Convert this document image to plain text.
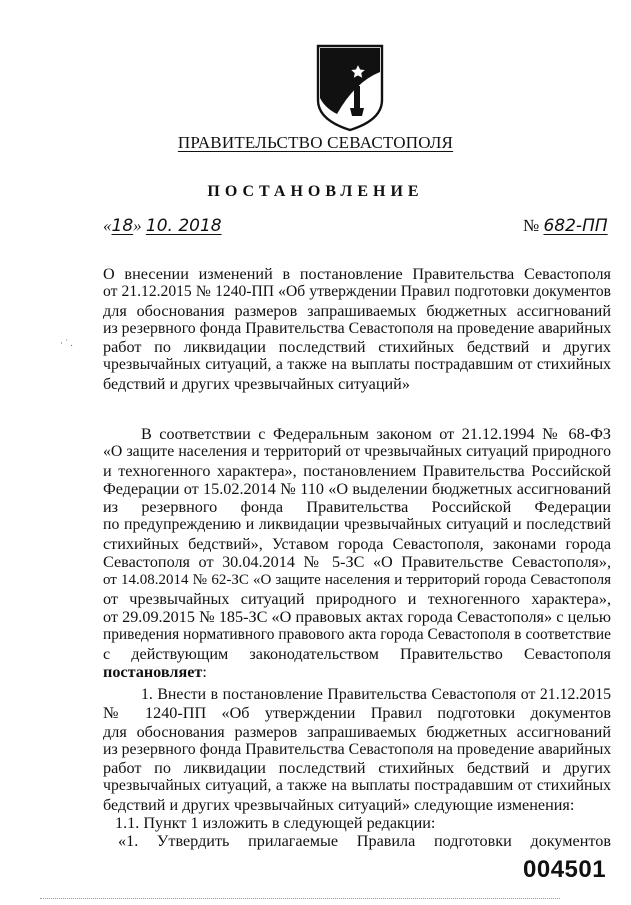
ПРАВИТЕЛЬСТВО СЕВАСТОПОЛЯ
ПОСТАНОВЛЕНИЕ
«18» 10. 2018	№ 682-ПП
О внесении изменений в постановление Правительства Севастополя
от 21.12.2015 № 1240-ПП «Об утверждении Правил подготовки документов
для обоснования размеров запрашиваемых бюджетных ассигнований
из резервного фонда Правительства Севастополя на проведение аварийных
работ по ликвидации последствий стихийных бедствий и других
чрезвычайных ситуаций, а также на выплаты пострадавшим от стихийных
бедствий и других чрезвычайных ситуаций»
· ˙ .
В соответствии с Федеральным законом от 21.12.1994 № 68-ФЗ
«О защите населения и территорий от чрезвычайных ситуаций природного
и техногенного характера», постановлением Правительства Российской
Федерации от 15.02.2014 № 110 «О выделении бюджетных ассигнований
из резервного фонда Правительства Российской Федерации
по предупреждению и ликвидации чрезвычайных ситуаций и последствий
стихийных бедствий», Уставом города Севастополя, законами города
Севастополя от 30.04.2014 № 5-ЗС «О Правительстве Севастополя»,
от 14.08.2014 № 62-ЗС «О защите населения и территорий города Севастополя
от чрезвычайных ситуаций природного и техногенного характера»,
от 29.09.2015 № 185-ЗС «О правовых актах города Севастополя» с целью
приведения нормативного правового акта города Севастополя в соответствие
с действующим законодательством Правительство Севастополя
постановляет:
1. Внести в постановление Правительства Севастополя от 21.12.2015
№ 1240-ПП «Об утверждении Правил подготовки документов
для обоснования размеров запрашиваемых бюджетных ассигнований
из резервного фонда Правительства Севастополя на проведение аварийных
работ по ликвидации последствий стихийных бедствий и других
чрезвычайных ситуаций, а также на выплаты пострадавшим от стихийных
бедствий и других чрезвычайных ситуаций» следующие изменения:
1.1. Пункт 1 изложить в следующей редакции:
«1. Утвердить прилагаемые Правила подготовки документов
004501
